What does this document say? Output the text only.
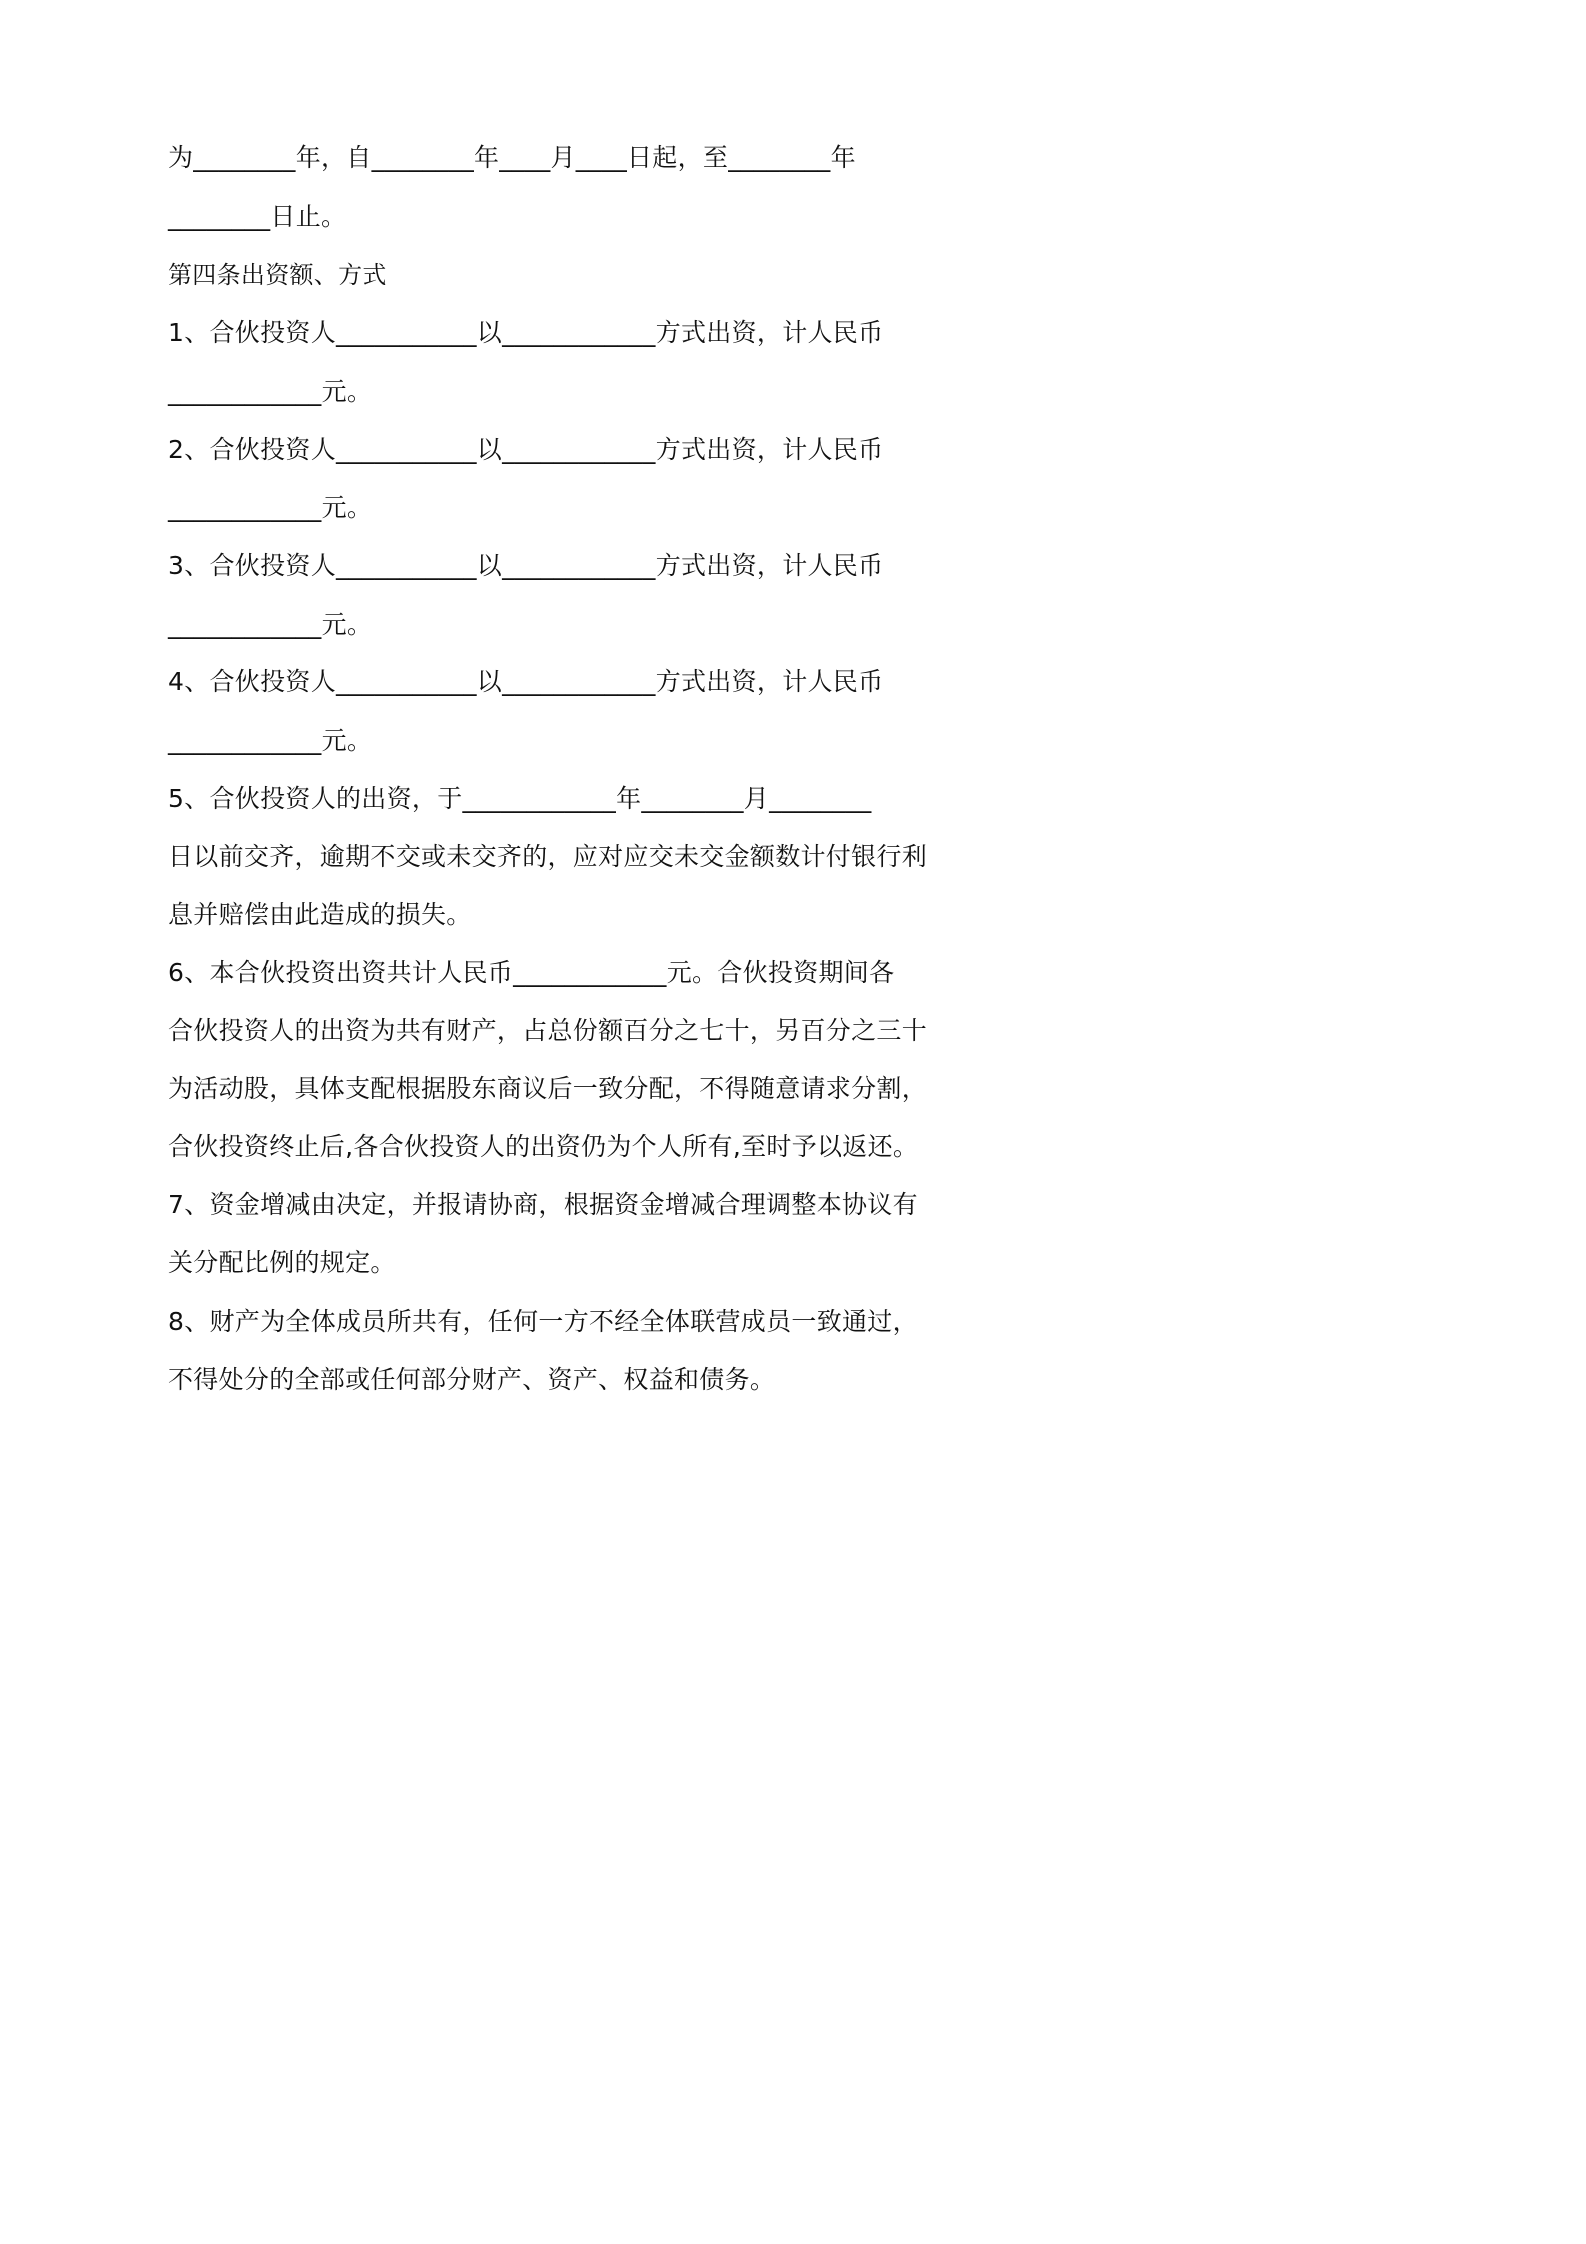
为________年，自________年____月____日起，至________年
________日止。
第四条出资额、方式
1、合伙投资人___________以____________方式出资，计人民币
____________元。
2、合伙投资人___________以____________方式出资，计人民币
____________元。
3、合伙投资人___________以____________方式出资，计人民币
____________元。
4、合伙投资人___________以____________方式出资，计人民币
____________元。
5、合伙投资人的出资，于____________年________月________
日以前交齐，逾期不交或未交齐的，应对应交未交金额数计付银行利
息并赔偿由此造成的损失。
6、本合伙投资出资共计人民币____________元。合伙投资期间各
合伙投资人的出资为共有财产，占总份额百分之七十，另百分之三十
为活动股，具体支配根据股东商议后一致分配，不得随意请求分割，
合伙投资终止后,各合伙投资人的出资仍为个人所有,至时予以返还。
7、资金增减由决定，并报请协商，根据资金增减合理调整本协议有
关分配比例的规定。
8、财产为全体成员所共有，任何一方不经全体联营成员一致通过，
不得处分的全部或任何部分财产、资产、权益和债务。
